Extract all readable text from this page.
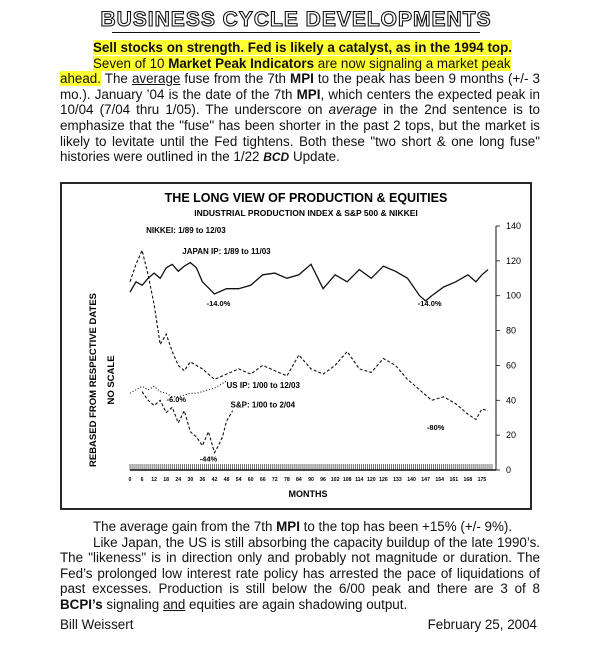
BUSINESS CYCLE DEVELOPMENTS
Sell stocks on strength. Fed is likely a catalyst, as in the 1994 top.
Seven of 10 Market Peak Indicators are now signaling a market peak
ahead. The average fuse from the 7th MPI to the peak has been 9 months (+/- 3 mo.). January ’04 is the date of the 7th MPI, which centers the expected peak in 10/04 (7/04 thru 1/05). The underscore on average in the 2nd sentence is to emphasize that the "fuse" has been shorter in the past 2 tops, but the market is likely to levitate until the Fed tightens. Both these "two short & one long fuse" histories were outlined in the 1/22 BCD Update.
THE LONG VIEW OF PRODUCTION & EQUITIES
INDUSTRIAL PRODUCTION INDEX & S&P 500 & NIKKEI
REBASED FROM RESPECTIVE DATES NO SCALE
MONTHS
0 6 12 18 24 30 36 42 48 54 60 66 72 78 84 90 96 102 108 114 120 126 133 140 147 154 161 168 175
0
20
40
60
80
100
120
140
NIKKEI: 1/89 to 12/03
JAPAN IP: 1/89 to 11/03
US IP: 1/00 to 12/03
S&P: 1/00 to 2/04
-14.0%	-14.0%
-6.0%
-44%
-80%
The average gain from the 7th MPI to the top has been +15% (+/- 9%).
Like Japan, the US is still absorbing the capacity buildup of the late 1990’s. The "likeness" is in direction only and probably not magnitude or duration. The Fed’s prolonged low interest rate policy has arrested the pace of liquidations of past excesses. Production is still below the 6/00 peak and there are 3 of 8 BCPI’s signaling and equities are again shadowing output.
Bill Weissert	February 25, 2004
